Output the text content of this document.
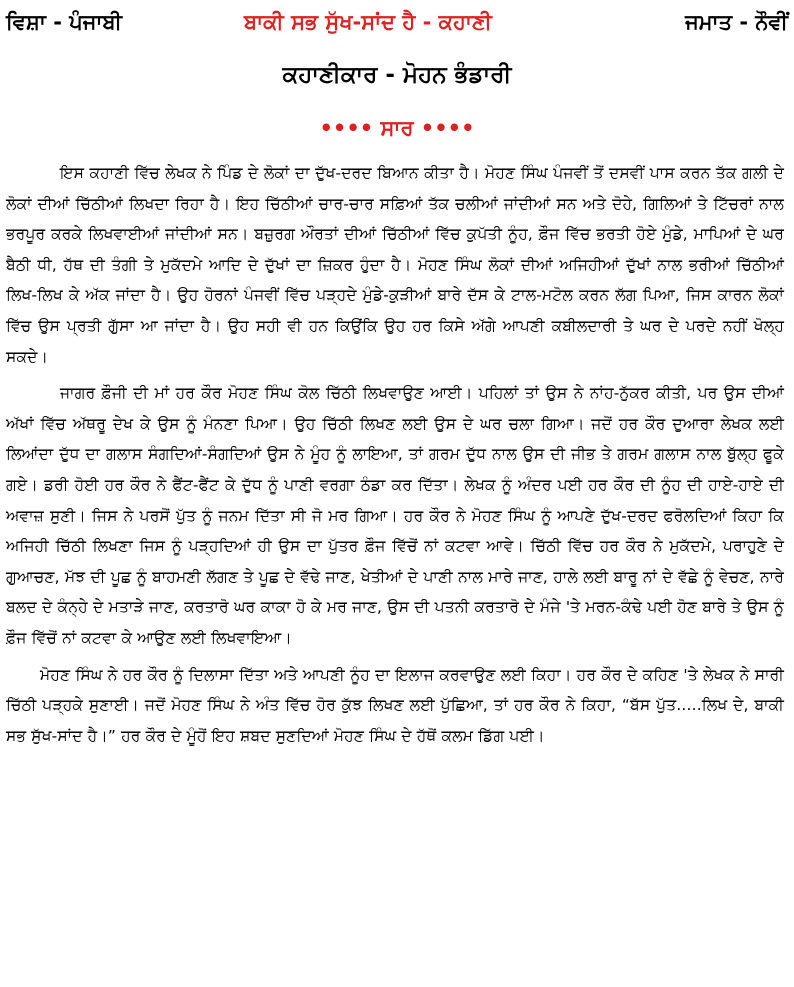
ਵਿਸ਼ਾ - ਪੰਜਾਬੀ	ਬਾਕੀ ਸਭ ਸੁੱਖ-ਸਾਂਦ ਹੈ - ਕਹਾਣੀ	ਜਮਾਤ - ਨੌਵੀਂ
ਕਹਾਣੀਕਾਰ - ਮੋਹਨ ਭੰਡਾਰੀ
•••• ਸਾਰ ••••

ਇਸ ਕਹਾਣੀ ਵਿੱਚ ਲੇਖਕ ਨੇ ਪਿੰਡ ਦੇ ਲੋਕਾਂ ਦਾ ਦੁੱਖ-ਦਰਦ ਬਿਆਨ ਕੀਤਾ ਹੈ। ਮੋਹਣ ਸਿੰਘ ਪੰਜਵੀਂ ਤੋਂ ਦਸਵੀਂ ਪਾਸ ਕਰਨ ਤੱਕ ਗਲੀ ਦੇ ਲੋਕਾਂ ਦੀਆਂ ਚਿੱਠੀਆਂ ਲਿਖਦਾ ਰਿਹਾ ਹੈ। ਇਹ ਚਿੱਠੀਆਂ ਚਾਰ-ਚਾਰ ਸਫ਼ਿਆਂ ਤੱਕ ਚਲੀਆਂ ਜਾਂਦੀਆਂ ਸਨ ਅਤੇ ਦੋਹੇ, ਗਿਲਿਆਂ ਤੇ ਟਿੱਚਰਾਂ ਨਾਲ ਭਰਪੂਰ ਕਰਕੇ ਲਿਖਵਾਈਆਂ ਜਾਂਦੀਆਂ ਸਨ। ਬਜ਼ੁਰਗ ਔਰਤਾਂ ਦੀਆਂ ਚਿੱਠੀਆਂ ਵਿੱਚ ਕੁਪੱਤੀ ਨੂੰਹ, ਫ਼ੌਜ ਵਿੱਚ ਭਰਤੀ ਹੋਏ ਮੁੰਡੇ, ਮਾਪਿਆਂ ਦੇ ਘਰ ਬੈਠੀ ਧੀ, ਹੱਥ ਦੀ ਤੰਗੀ ਤੇ ਮੁਕੱਦਮੇ ਆਦਿ ਦੇ ਦੁੱਖਾਂ ਦਾ ਜ਼ਿਕਰ ਹੁੰਦਾ ਹੈ। ਮੋਹਣ ਸਿੰਘ ਲੋਕਾਂ ਦੀਆਂ ਅਜਿਹੀਆਂ ਦੁੱਖਾਂ ਨਾਲ ਭਰੀਆਂ ਚਿੱਠੀਆਂ ਲਿਖ-ਲਿਖ ਕੇ ਅੱਕ ਜਾਂਦਾ ਹੈ। ਉਹ ਹੋਰਨਾਂ ਪੰਜਵੀਂ ਵਿੱਚ ਪੜ੍ਹਦੇ ਮੁੰਡੇ-ਕੁੜੀਆਂ ਬਾਰੇ ਦੱਸ ਕੇ ਟਾਲ-ਮਟੋਲ ਕਰਨ ਲੱਗ ਪਿਆ, ਜਿਸ ਕਾਰਨ ਲੋਕਾਂ ਵਿੱਚ ਉਸ ਪ੍ਰਤੀ ਗੁੱਸਾ ਆ ਜਾਂਦਾ ਹੈ। ਉਹ ਸਹੀ ਵੀ ਹਨ ਕਿਉਂਕਿ ਉਹ ਹਰ ਕਿਸੇ ਅੱਗੇ ਆਪਣੀ ਕਬੀਲਦਾਰੀ ਤੇ ਘਰ ਦੇ ਪਰਦੇ ਨਹੀਂ ਖੋਲ੍ਹ ਸਕਦੇ।

ਜਾਗਰ ਫ਼ੌਜੀ ਦੀ ਮਾਂ ਹਰ ਕੌਰ ਮੋਹਣ ਸਿੰਘ ਕੋਲ ਚਿੱਠੀ ਲਿਖਵਾਉਣ ਆਈ। ਪਹਿਲਾਂ ਤਾਂ ਉਸ ਨੇ ਨਾਂਹ-ਨੁੱਕਰ ਕੀਤੀ, ਪਰ ਉਸ ਦੀਆਂ ਅੱਖਾਂ ਵਿੱਚ ਅੱਥਰੂ ਦੇਖ ਕੇ ਉਸ ਨੂੰ ਮੰਨਣਾ ਪਿਆ। ਉਹ ਚਿੱਠੀ ਲਿਖਣ ਲਈ ਉਸ ਦੇ ਘਰ ਚਲਾ ਗਿਆ। ਜਦੋਂ ਹਰ ਕੌਰ ਦੁਆਰਾ ਲੇਖਕ ਲਈ ਲਿਆਂਦਾ ਦੁੱਧ ਦਾ ਗਲਾਸ ਸੰਗਦਿਆਂ-ਸੰਗਦਿਆਂ ਉਸ ਨੇ ਮੂੰਹ ਨੂੰ ਲਾਇਆ, ਤਾਂ ਗਰਮ ਦੁੱਧ ਨਾਲ ਉਸ ਦੀ ਜੀਭ ਤੇ ਗਰਮ ਗਲਾਸ ਨਾਲ ਬੁੱਲ੍ਹ ਫੂਕੇ ਗਏ। ਡਰੀ ਹੋਈ ਹਰ ਕੌਰ ਨੇ ਫੈਂਟ-ਫੈਂਟ ਕੇ ਦੁੱਧ ਨੂੰ ਪਾਣੀ ਵਰਗਾ ਠੰਡਾ ਕਰ ਦਿੱਤਾ। ਲੇਖਕ ਨੂੰ ਅੰਦਰ ਪਈ ਹਰ ਕੌਰ ਦੀ ਨੂੰਹ ਦੀ ਹਾਏ-ਹਾਏ ਦੀ ਅਵਾਜ਼ ਸੁਣੀ। ਜਿਸ ਨੇ ਪਰਸੋਂ ਪੁੱਤ ਨੂੰ ਜਨਮ ਦਿੱਤਾ ਸੀ ਜੋ ਮਰ ਗਿਆ। ਹਰ ਕੌਰ ਨੇ ਮੋਹਣ ਸਿੰਘ ਨੂੰ ਆਪਣੇ ਦੁੱਖ-ਦਰਦ ਫਰੋਲਦਿਆਂ ਕਿਹਾ ਕਿ ਅਜਿਹੀ ਚਿੱਠੀ ਲਿਖਣਾ ਜਿਸ ਨੂੰ ਪੜ੍ਹਦਿਆਂ ਹੀ ਉਸ ਦਾ ਪੁੱਤਰ ਫ਼ੌਜ ਵਿੱਚੋਂ ਨਾਂ ਕਟਵਾ ਆਵੇ। ਚਿੱਠੀ ਵਿੱਚ ਹਰ ਕੌਰ ਨੇ ਮੁਕੱਦਮੇ, ਪਰਾਹੁਣੇ ਦੇ ਗੁਆਚਣ, ਮੱਝ ਦੀ ਪੂਛ ਨੂੰ ਬਾਹਮਣੀ ਲੱਗਣ ਤੇ ਪੂਛ ਦੇ ਵੱਢੇ ਜਾਣ, ਖੇਤੀਆਂ ਦੇ ਪਾਣੀ ਨਾਲ ਮਾਰੇ ਜਾਣ, ਹਾਲੇ ਲਈ ਬਾਰੂ ਨਾਂ ਦੇ ਵੱਛੇ ਨੂੰ ਵੇਚਣ, ਨਾਰੇ ਬਲਦ ਦੇ ਕੰਨ੍ਹੇ ਦੇ ਮਤਾੜੇ ਜਾਣ, ਕਰਤਾਰੋ ਘਰ ਕਾਕਾ ਹੋ ਕੇ ਮਰ ਜਾਣ, ਉਸ ਦੀ ਪਤਨੀ ਕਰਤਾਰੋ ਦੇ ਮੰਜੇ 'ਤੇ ਮਰਨ-ਕੰਢੇ ਪਈ ਹੋਣ ਬਾਰੇ ਤੇ ਉਸ ਨੂੰ ਫ਼ੌਜ ਵਿੱਚੋਂ ਨਾਂ ਕਟਵਾ ਕੇ ਆਉਣ ਲਈ ਲਿਖਵਾਇਆ।

ਮੋਹਣ ਸਿੰਘ ਨੇ ਹਰ ਕੌਰ ਨੂੰ ਦਿਲਾਸਾ ਦਿੱਤਾ ਅਤੇ ਆਪਣੀ ਨੂੰਹ ਦਾ ਇਲਾਜ ਕਰਵਾਉਣ ਲਈ ਕਿਹਾ। ਹਰ ਕੌਰ ਦੇ ਕਹਿਣ 'ਤੇ ਲੇਖਕ ਨੇ ਸਾਰੀ ਚਿੱਠੀ ਪੜ੍ਹਕੇ ਸੁਣਾਈ। ਜਦੋਂ ਮੋਹਣ ਸਿੰਘ ਨੇ ਅੰਤ ਵਿੱਚ ਹੋਰ ਕੁੱਝ ਲਿਖਣ ਲਈ ਪੁੱਛਿਆ, ਤਾਂ ਹਰ ਕੌਰ ਨੇ ਕਿਹਾ, “ਬੱਸ ਪੁੱਤ.....ਲਿਖ ਦੇ, ਬਾਕੀ ਸਭ ਸੁੱਖ-ਸਾਂਦ ਹੈ।” ਹਰ ਕੌਰ ਦੇ ਮੂੰਹੋਂ ਇਹ ਸ਼ਬਦ ਸੁਣਦਿਆਂ ਮੋਹਣ ਸਿੰਘ ਦੇ ਹੱਥੋਂ ਕਲਮ ਡਿੱਗ ਪਈ।
